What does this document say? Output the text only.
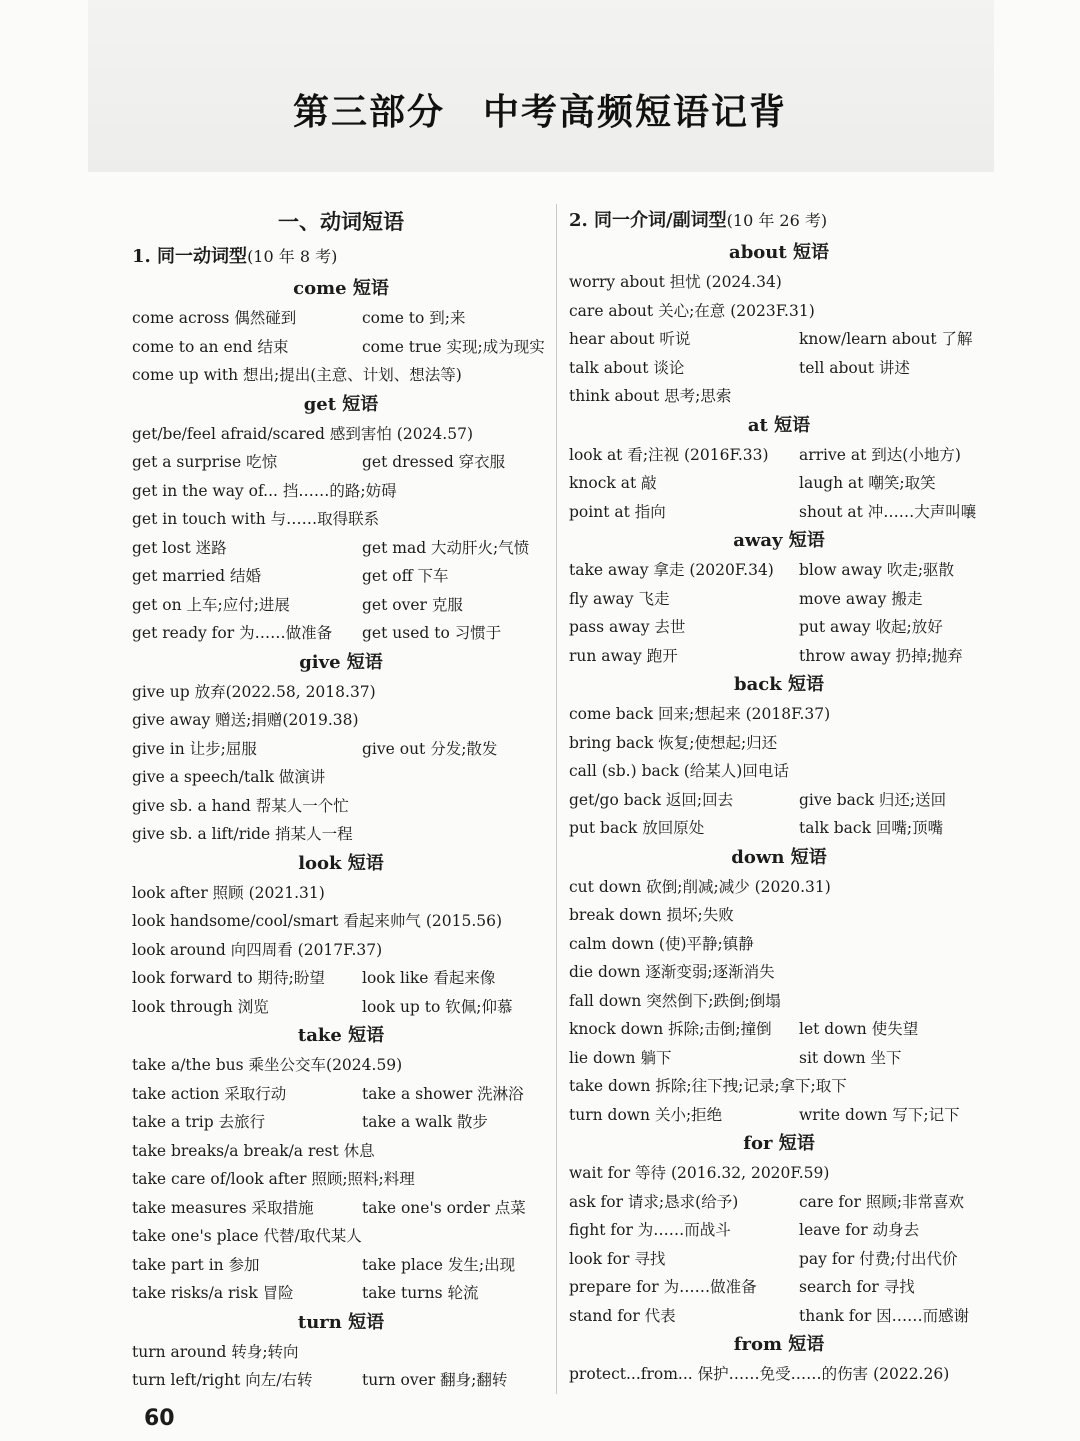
第三部分　中考高频短语记背
一、动词短语
1. 同一动词型(10 年 8 考)
come 短语
come across 偶然碰到	come to 到;来
come to an end 结束	come true 实现;成为现实
come up with 想出;提出(主意、计划、想法等)
get 短语
get/be/feel afraid/scared 感到害怕 (2024.57)
get a surprise 吃惊	get dressed 穿衣服
get in the way of... 挡……的路;妨碍
get in touch with 与……取得联系
get lost 迷路	get mad 大动肝火;气愤
get married 结婚	get off 下车
get on 上车;应付;进展	get over 克服
get ready for 为……做准备	get used to 习惯于
give 短语
give up 放弃(2022.58, 2018.37)
give away 赠送;捐赠(2019.38)
give in 让步;屈服	give out 分发;散发
give a speech/talk 做演讲
give sb. a hand 帮某人一个忙
give sb. a lift/ride 捎某人一程
look 短语
look after 照顾 (2021.31)
look handsome/cool/smart 看起来帅气 (2015.56)
look around 向四周看 (2017F.37)
look forward to 期待;盼望	look like 看起来像
look through 浏览	look up to 钦佩;仰慕
take 短语
take a/the bus 乘坐公交车(2024.59)
take action 采取行动	take a shower 洗淋浴
take a trip 去旅行	take a walk 散步
take breaks/a break/a rest 休息
take care of/look after 照顾;照料;料理
take measures 采取措施	take one's order 点菜
take one's place 代替/取代某人
take part in 参加	take place 发生;出现
take risks/a risk 冒险	take turns 轮流
turn 短语
turn around 转身;转向
turn left/right 向左/右转	turn over 翻身;翻转
2. 同一介词/副词型(10 年 26 考)
about 短语
worry about 担忧 (2024.34)
care about 关心;在意 (2023F.31)
hear about 听说	know/learn about 了解
talk about 谈论	tell about 讲述
think about 思考;思索
at 短语
look at 看;注视 (2016F.33)	arrive at 到达(小地方)
knock at 敲	laugh at 嘲笑;取笑
point at 指向	shout at 冲……大声叫嚷
away 短语
take away 拿走 (2020F.34)	blow away 吹走;驱散
fly away 飞走	move away 搬走
pass away 去世	put away 收起;放好
run away 跑开	throw away 扔掉;抛弃
back 短语
come back 回来;想起来 (2018F.37)
bring back 恢复;使想起;归还
call (sb.) back (给某人)回电话
get/go back 返回;回去	give back 归还;送回
put back 放回原处	talk back 回嘴;顶嘴
down 短语
cut down 砍倒;削减;减少 (2020.31)
break down 损坏;失败
calm down (使)平静;镇静
die down 逐渐变弱;逐渐消失
fall down 突然倒下;跌倒;倒塌
knock down 拆除;击倒;撞倒	let down 使失望
lie down 躺下	sit down 坐下
take down 拆除;往下拽;记录;拿下;取下
turn down 关小;拒绝	write down 写下;记下
for 短语
wait for 等待 (2016.32, 2020F.59)
ask for 请求;恳求(给予)	care for 照顾;非常喜欢
fight for 为……而战斗	leave for 动身去
look for 寻找	pay for 付费;付出代价
prepare for 为……做准备	search for 寻找
stand for 代表	thank for 因……而感谢
from 短语
protect...from... 保护……免受……的伤害 (2022.26)
60
